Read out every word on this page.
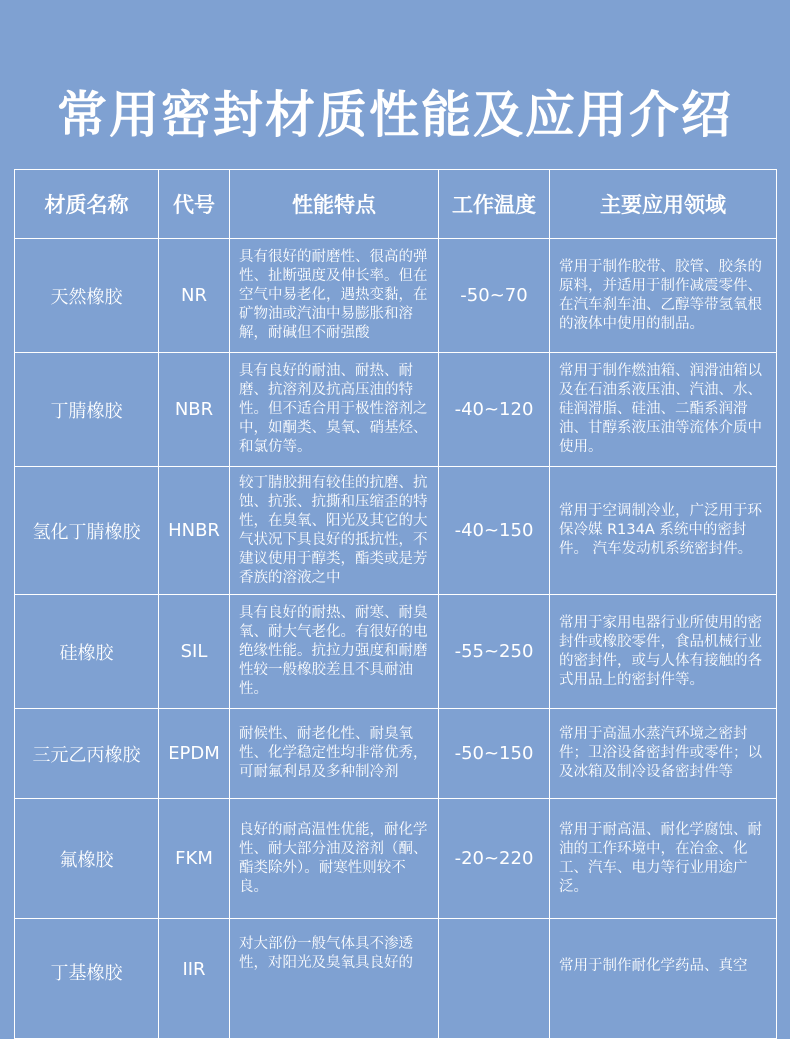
常用密封材质性能及应用介绍
材质名称	代号	性能特点	工作温度	主要应用领域
天然橡胶	NR	具有很好的耐磨性、很高的弹性、扯断强度及伸长率。但在空气中易老化，遇热变黏，在矿物油或汽油中易膨胀和溶解，耐碱但不耐强酸	-50~70	常用于制作胶带、胶管、胶条的原料，并适用于制作减震零件、在汽车刹车油、乙醇等带氢氧根的液体中使用的制品。
丁腈橡胶	NBR	具有良好的耐油、耐热、耐磨、抗溶剂及抗高压油的特性。但不适合用于极性溶剂之中，如酮类、臭氧、硝基烃、和氯仿等。	-40~120	常用于制作燃油箱、润滑油箱以及在石油系液压油、汽油、水、硅润滑脂、硅油、二酯系润滑油、甘醇系液压油等流体介质中使用。
氢化丁腈橡胶	HNBR	较丁腈胶拥有较佳的抗磨、抗蚀、抗张、抗撕和压缩歪的特性，在臭氧、阳光及其它的大气状况下具良好的抵抗性，不建议使用于醇类，酯类或是芳香族的溶液之中	-40~150	常用于空调制冷业，广泛用于环保冷媒 R134A 系统中的密封件。 汽车发动机系统密封件。
硅橡胶	SIL	具有良好的耐热、耐寒、耐臭氧、耐大气老化。有很好的电绝缘性能。抗拉力强度和耐磨性较一般橡胶差且不具耐油性。	-55~250	常用于家用电器行业所使用的密封件或橡胶零件，食品机械行业的密封件，或与人体有接触的各式用品上的密封件等。
三元乙丙橡胶	EPDM	耐候性、耐老化性、耐臭氧性、化学稳定性均非常优秀，可耐氟利昂及多种制冷剂	-50~150	常用于高温水蒸汽环境之密封件；卫浴设备密封件或零件；以及冰箱及制冷设备密封件等
氟橡胶	FKM	良好的耐高温性优能，耐化学性、耐大部分油及溶剂（酮、酯类除外）。耐寒性则较不良。	-20~220	常用于耐高温、耐化学腐蚀、耐油的工作环境中，在冶金、化工、汽车、电力等行业用途广泛。
丁基橡胶	IIR	对大部份一般气体具不渗透性，对阳光及臭氧具良好的		常用于制作耐化学药品、真空
